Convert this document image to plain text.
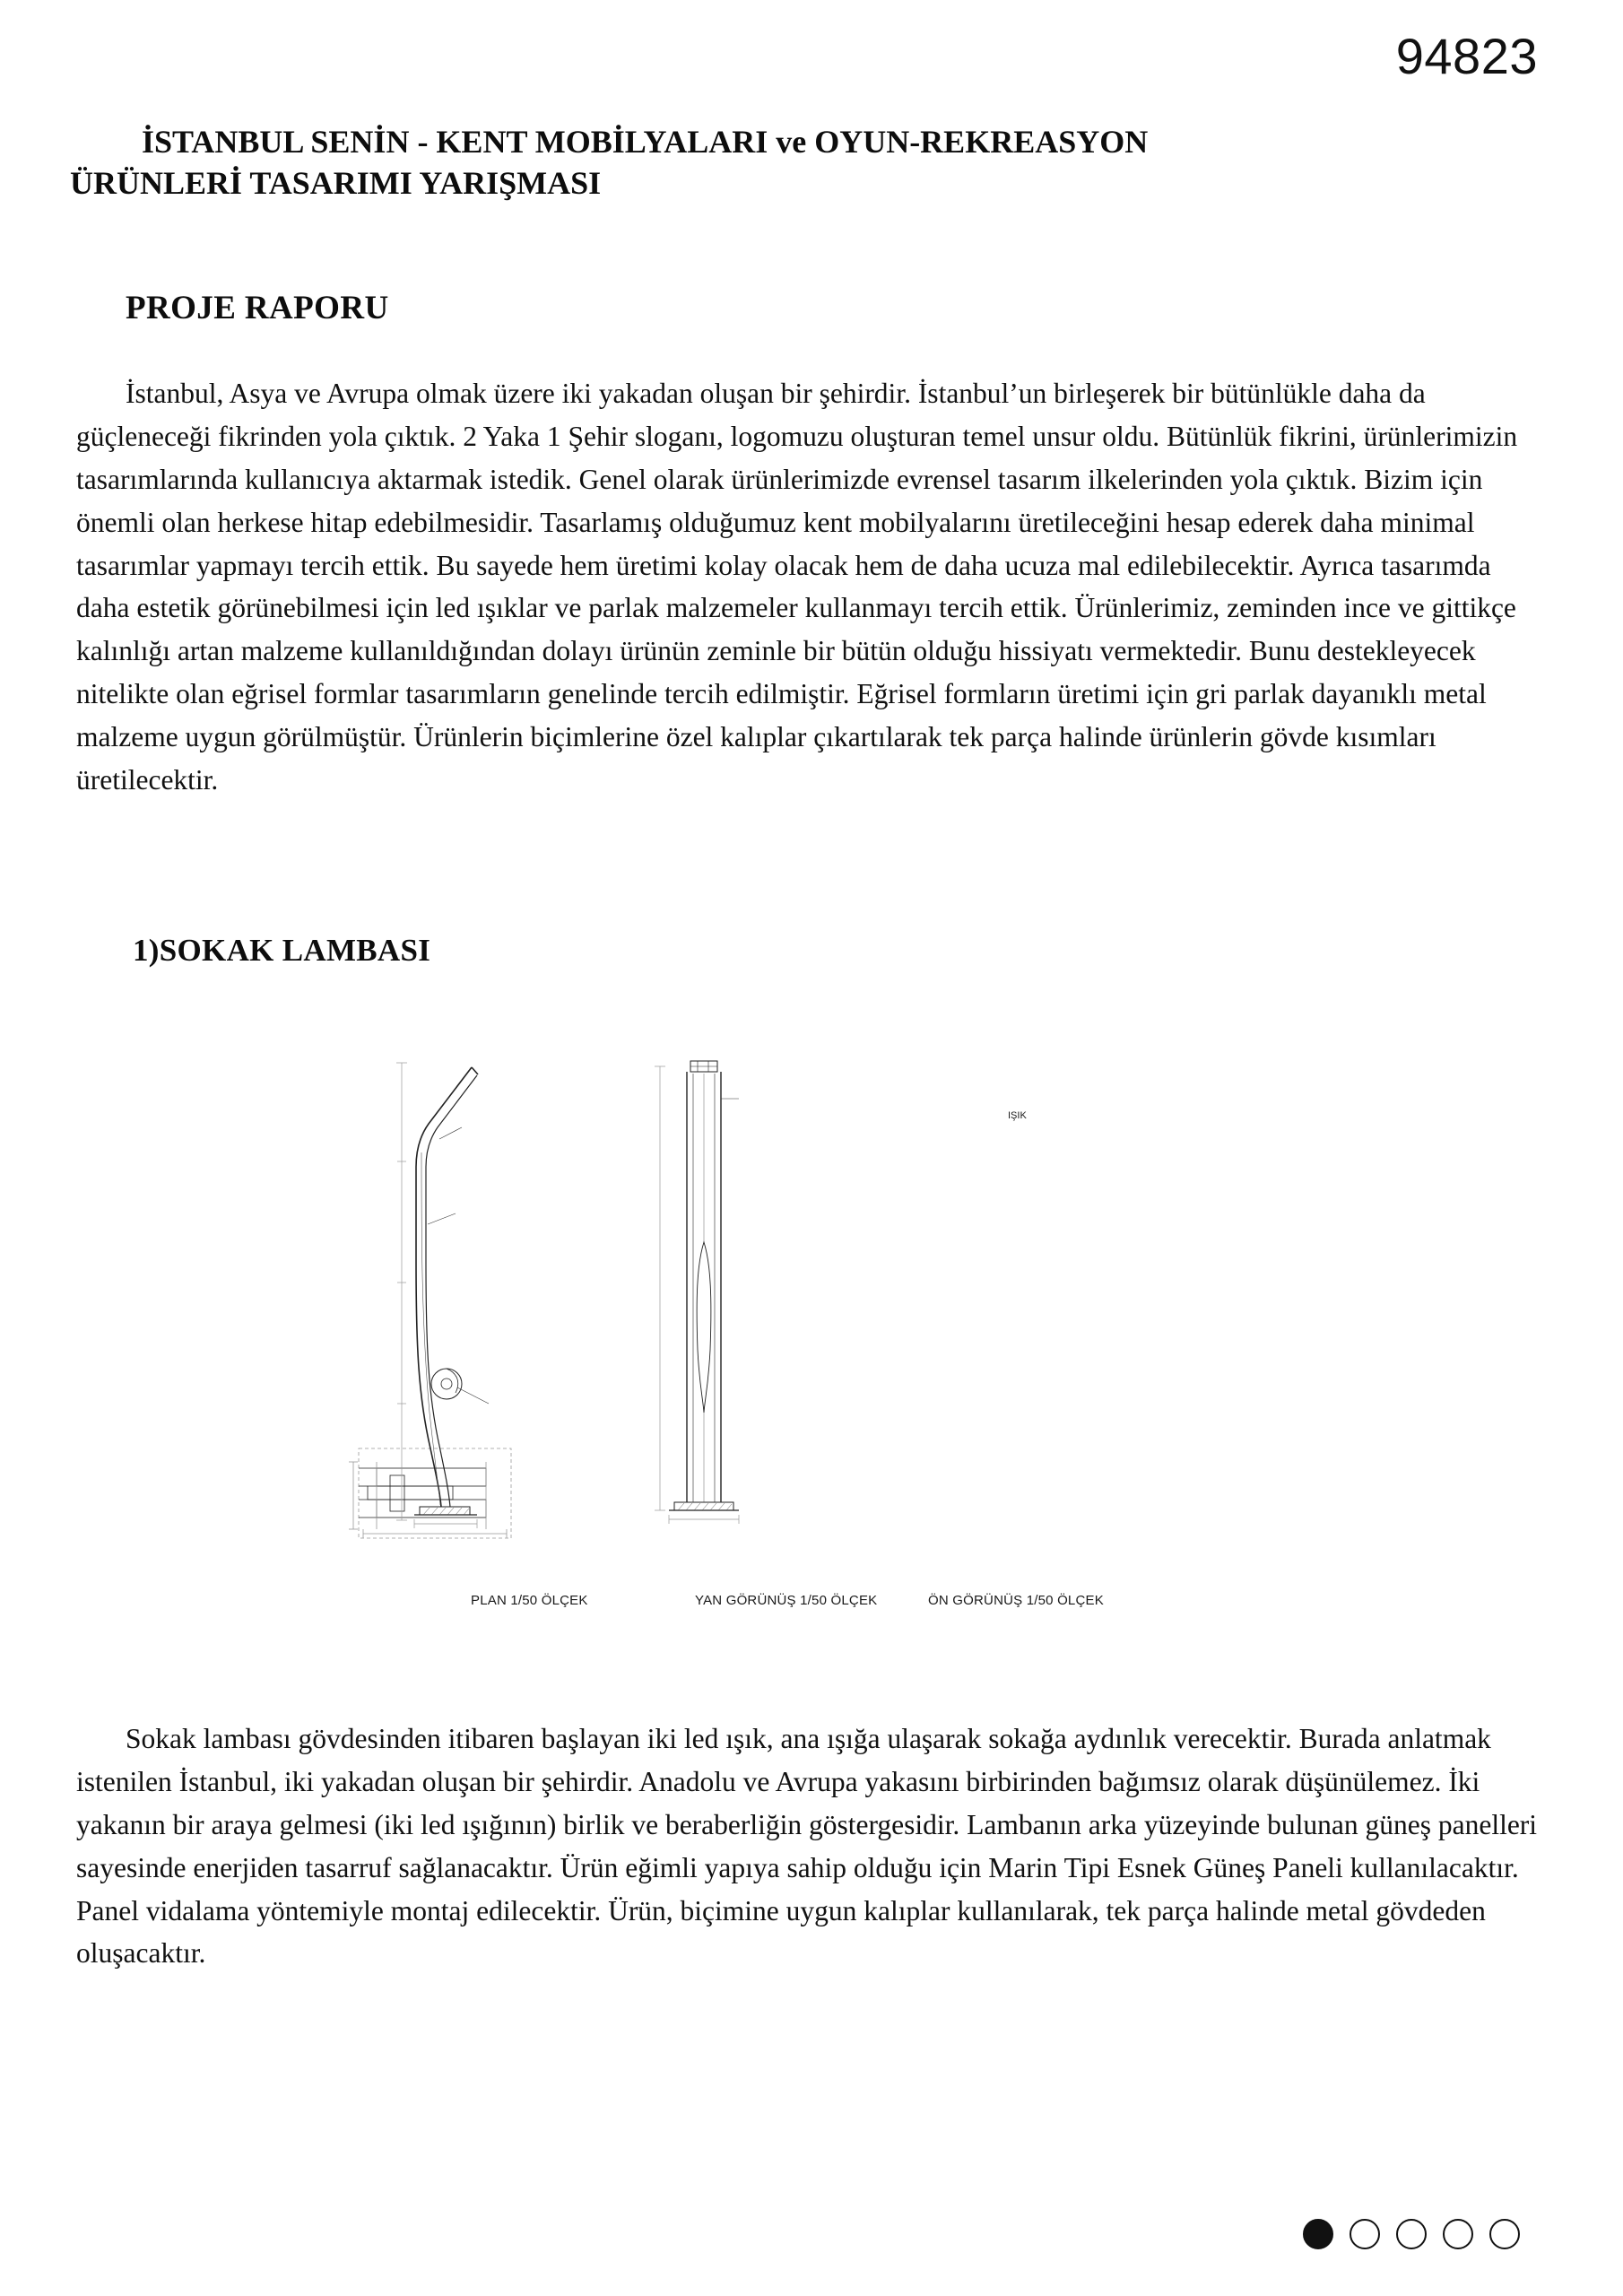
94823
İSTANBUL SENİN - KENT MOBİLYALARI ve OYUN-REKREASYON
ÜRÜNLERİ TASARIMI YARIŞMASI
PROJE RAPORU
İstanbul, Asya ve Avrupa olmak üzere iki yakadan oluşan bir şehirdir. İstanbul’un birleşerek bir bütünlükle daha da güçleneceği fikrinden yola çıktık. 2 Yaka 1 Şehir sloganı, logomuzu oluşturan temel unsur oldu. Bütünlük fikrini, ürünlerimizin tasarımlarında kullanıcıya aktarmak istedik. Genel olarak ürünlerimizde evrensel tasarım ilkelerinden yola çıktık. Bizim için önemli olan herkese hitap edebilmesidir. Tasarlamış olduğumuz kent mobilyalarını üretileceğini hesap ederek daha minimal tasarımlar yapmayı tercih ettik. Bu sayede hem üretimi kolay olacak hem de daha ucuza mal edilebilecektir. Ayrıca tasarımda daha estetik görünebilmesi için led ışıklar ve parlak malzemeler kullanmayı tercih ettik. Ürünlerimiz, zeminden ince ve gittikçe kalınlığı artan malzeme kullanıldığından dolayı ürünün zeminle bir bütün olduğu hissiyatı vermektedir. Bunu destekleyecek nitelikte olan eğrisel formlar tasarımların genelinde tercih edilmiştir. Eğrisel formların üretimi için gri parlak dayanıklı metal malzeme uygun görülmüştür. Ürünlerin biçimlerine özel kalıplar çıkartılarak tek parça halinde ürünlerin gövde kısımları üretilecektir.
1)SOKAK LAMBASI
IŞIK
PLAN 1/50 ÖLÇEK	YAN GÖRÜNÜŞ 1/50 ÖLÇEK	ÖN GÖRÜNÜŞ 1/50 ÖLÇEK
Sokak lambası gövdesinden itibaren başlayan iki led ışık, ana ışığa ulaşarak sokağa aydınlık verecektir. Burada anlatmak istenilen İstanbul, iki yakadan oluşan bir şehirdir. Anadolu ve Avrupa yakasını birbirinden bağımsız olarak düşünülemez. İki yakanın bir araya gelmesi (iki led ışığının) birlik ve beraberliğin göstergesidir. Lambanın arka yüzeyinde bulunan güneş panelleri sayesinde enerjiden tasarruf sağlanacaktır. Ürün eğimli yapıya sahip olduğu için Marin Tipi Esnek Güneş Paneli kullanılacaktır. Panel vidalama yöntemiyle montaj edilecektir. Ürün, biçimine uygun kalıplar kullanılarak, tek parça halinde metal gövdeden oluşacaktır.
